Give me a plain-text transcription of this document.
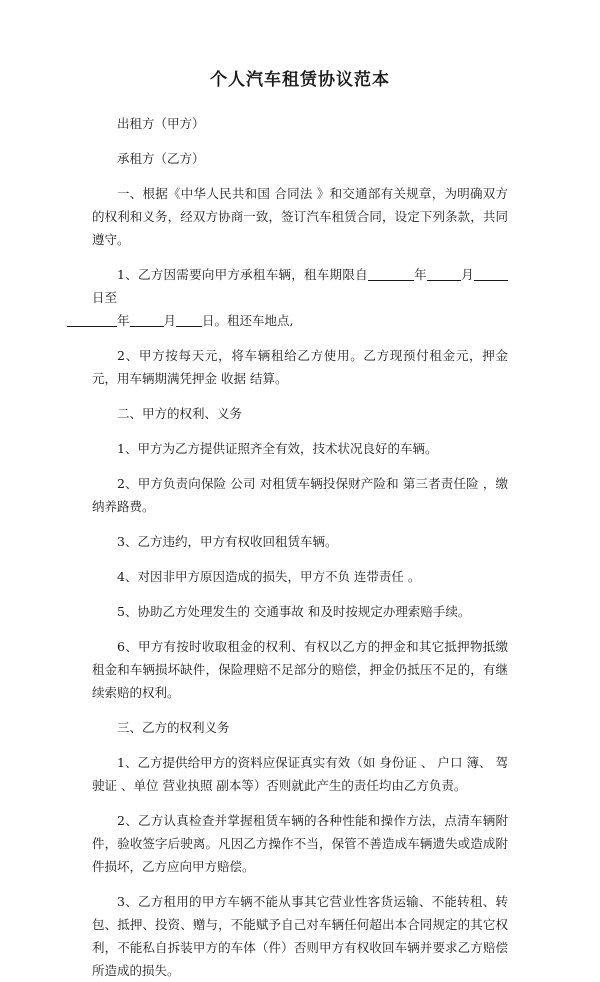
个人汽车租赁协议范本
出租方（甲方）
承租方（乙方）
一、根据《中华人民共和国 合同法 》和交通部有关规章，为明确双方的权利和义务，经双方协商一致，签订汽车租赁合同，设定下列条款，共同遵守。
1、乙方因需要向甲方承租车辆，租车期限自	年	月日至
年	月 日。租还车地点,
2、甲方按每天元，将车辆租给乙方使用。乙方现预付租金元，押金元，用车辆期满凭押金 收据 结算。
二、甲方的权利、义务
1、甲方为乙方提供证照齐全有效，技术状况良好的车辆。
2、甲方负责向保险 公司 对租赁车辆投保财产险和 第三者责任险 ，缴纳养路费。
3、乙方违约，甲方有权收回租赁车辆。
4、对因非甲方原因造成的损失，甲方不负 连带责任 。
5、协助乙方处理发生的 交通事故 和及时按规定办理索赔手续。
6、甲方有按时收取租金的权利、有权以乙方的押金和其它抵押物抵缴租金和车辆损坏缺件，保险理赔不足部分的赔偿，押金仍抵压不足的，有继续索赔的权利。
三、乙方的权利义务
1、乙方提供给甲方的资料应保证真实有效（如 身份证 、 户口 簿、 驾驶证 、单位 营业执照 副本等）否则就此产生的责任均由乙方负责。
2、乙方认真检查并掌握租赁车辆的各种性能和操作方法，点清车辆附件，验收签字后驶离。凡因乙方操作不当，保管不善造成车辆遗失或造成附件损坏，乙方应向甲方赔偿。
3、乙方租用的甲方车辆不能从事其它营业性客货运输、不能转租、转包、抵押、投资、赠与，不能赋予自己对车辆任何超出本合同规定的其它权利，不能私自拆装甲方的车体（件）否则甲方有权收回车辆并要求乙方赔偿所造成的损失。
